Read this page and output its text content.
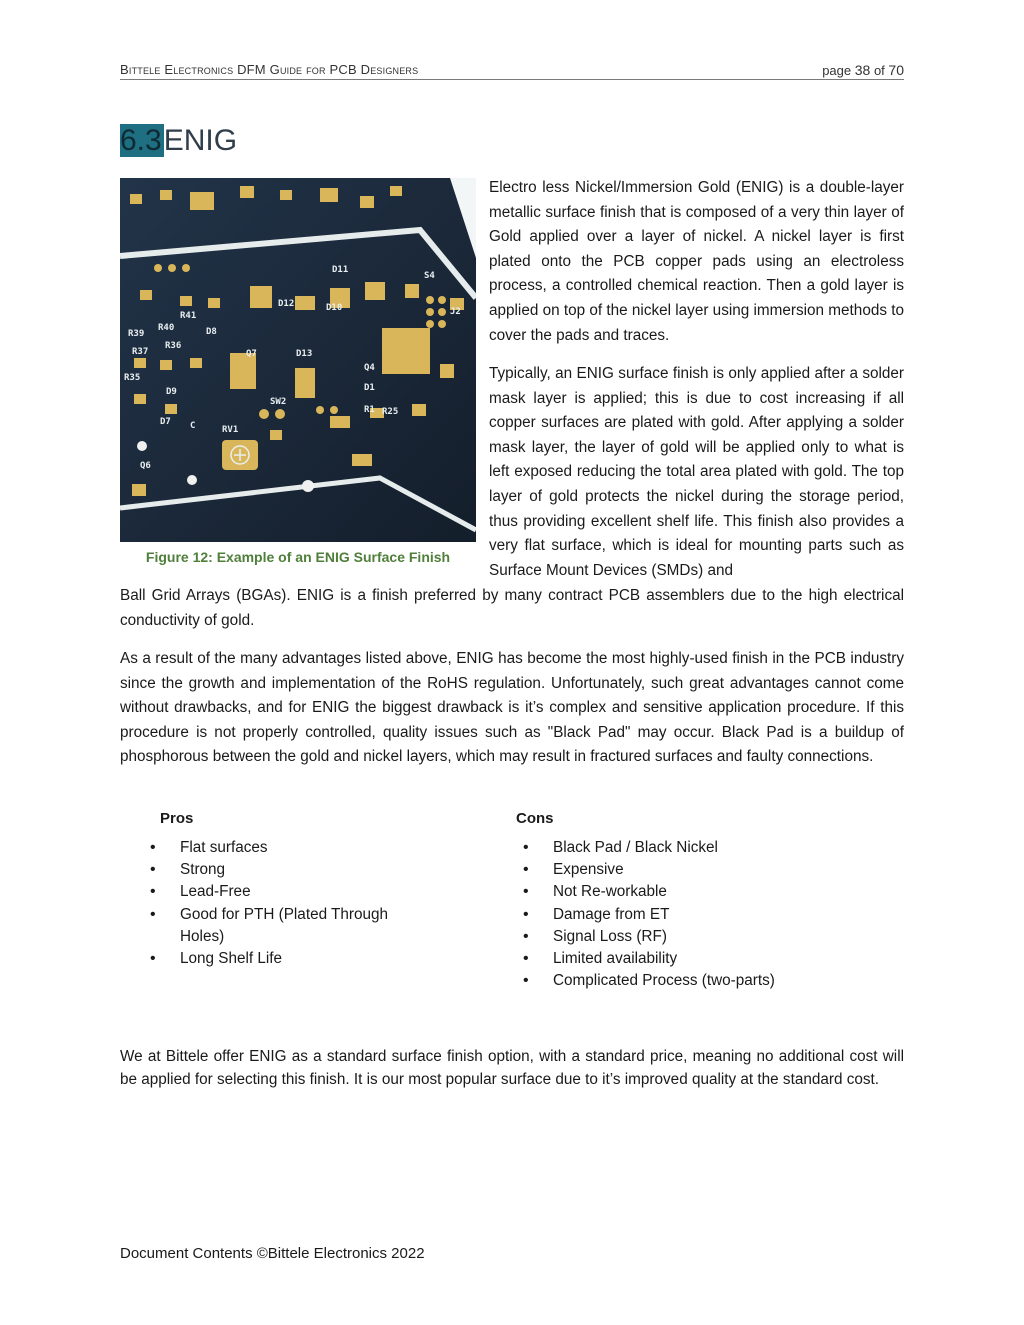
Bittele Electronics DFM Guide for PCB Designers	page 38 of 70
6.3ENIG
D11
D12	D10
R41
R39
R40	D8
R37
R36
Q7	D13
R35
D9
Q4
SW2
D1
R1 R25
D7 C	RV1
Q6
S4
J2
Figure 12: Example of an ENIG Surface Finish
Electro less Nickel/Immersion Gold (ENIG) is a double-layer metallic surface finish that is composed of a very thin layer of Gold applied over a layer of nickel. A nickel layer is first plated onto the PCB copper pads using an electroless process, a controlled chemical reaction. Then a gold layer is applied on top of the nickel layer using immersion methods to cover the pads and traces.
Typically, an ENIG surface finish is only applied after a solder mask layer is applied; this is due to cost increasing if all copper surfaces are plated with gold. After applying a solder mask layer, the layer of gold will be applied only to what is left exposed reducing the total area plated with gold. The top layer of gold protects the nickel during the storage period, thus providing excellent shelf life. This finish also provides a very flat surface, which is ideal for mounting parts such as Surface Mount Devices (SMDs) and
Ball Grid Arrays (BGAs). ENIG is a finish preferred by many contract PCB assemblers due to the high electrical conductivity of gold.
As a result of the many advantages listed above, ENIG has become the most highly-used finish in the PCB industry since the growth and implementation of the RoHS regulation. Unfortunately, such great advantages cannot come without drawbacks, and for ENIG the biggest drawback is it’s complex and sensitive application procedure. If this procedure is not properly controlled, quality issues such as "Black Pad" may occur. Black Pad is a buildup of phosphorous between the gold and nickel layers, which may result in fractured surfaces and faulty connections.
Pros	Cons
• Flat surfaces
• Strong
• Lead-Free
• Good for PTH (Plated Through Holes)
• Long Shelf Life
• Black Pad / Black Nickel
• Expensive
• Not Re-workable
• Damage from ET
• Signal Loss (RF)
• Limited availability
• Complicated Process (two-parts)
We at Bittele offer ENIG as a standard surface finish option, with a standard price, meaning no additional cost will be applied for selecting this finish. It is our most popular surface due to it’s improved quality at the standard cost.
Document Contents ©Bittele Electronics 2022
